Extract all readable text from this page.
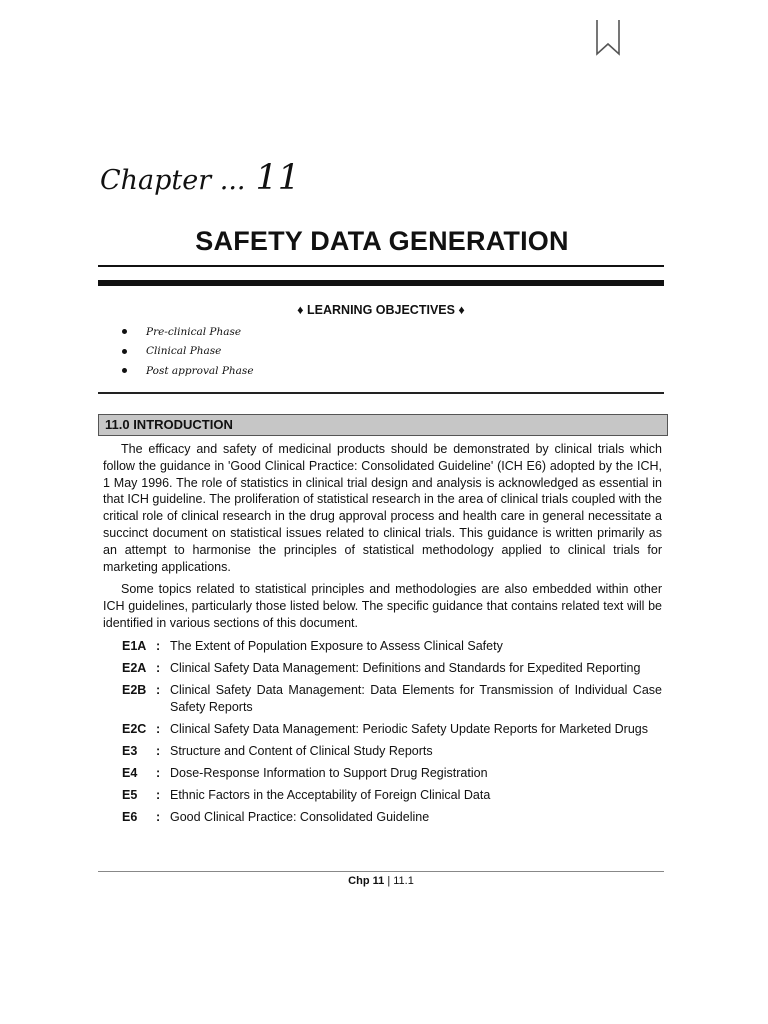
Chapter ... 11
SAFETY DATA GENERATION
♦ LEARNING OBJECTIVES ♦
Pre-clinical Phase
Clinical Phase
Post approval Phase
11.0 INTRODUCTION

The efficacy and safety of medicinal products should be demonstrated by clinical trials which follow the guidance in 'Good Clinical Practice: Consolidated Guideline' (ICH E6) adopted by the ICH, 1 May 1996. The role of statistics in clinical trial design and analysis is acknowledged as essential in that ICH guideline. The proliferation of statistical research in the area of clinical trials coupled with the critical role of clinical research in the drug approval process and health care in general necessitate a succinct document on statistical issues related to clinical trials. This guidance is written primarily as an attempt to harmonise the principles of statistical methodology applied to clinical trials for marketing applications.

Some topics related to statistical principles and methodologies are also embedded within other ICH guidelines, particularly those listed below. The specific guidance that contains related text will be identified in various sections of this document.

E1A : The Extent of Population Exposure to Assess Clinical Safety
E2A : Clinical Safety Data Management: Definitions and Standards for Expedited Reporting
E2B : Clinical Safety Data Management: Data Elements for Transmission of Individual Case Safety Reports
E2C : Clinical Safety Data Management: Periodic Safety Update Reports for Marketed Drugs
E3	: Structure and Content of Clinical Study Reports
E4	: Dose-Response Information to Support Drug Registration
E5	: Ethnic Factors in the Acceptability of Foreign Clinical Data
E6	: Good Clinical Practice: Consolidated Guideline
Chp 11 | 11.1
